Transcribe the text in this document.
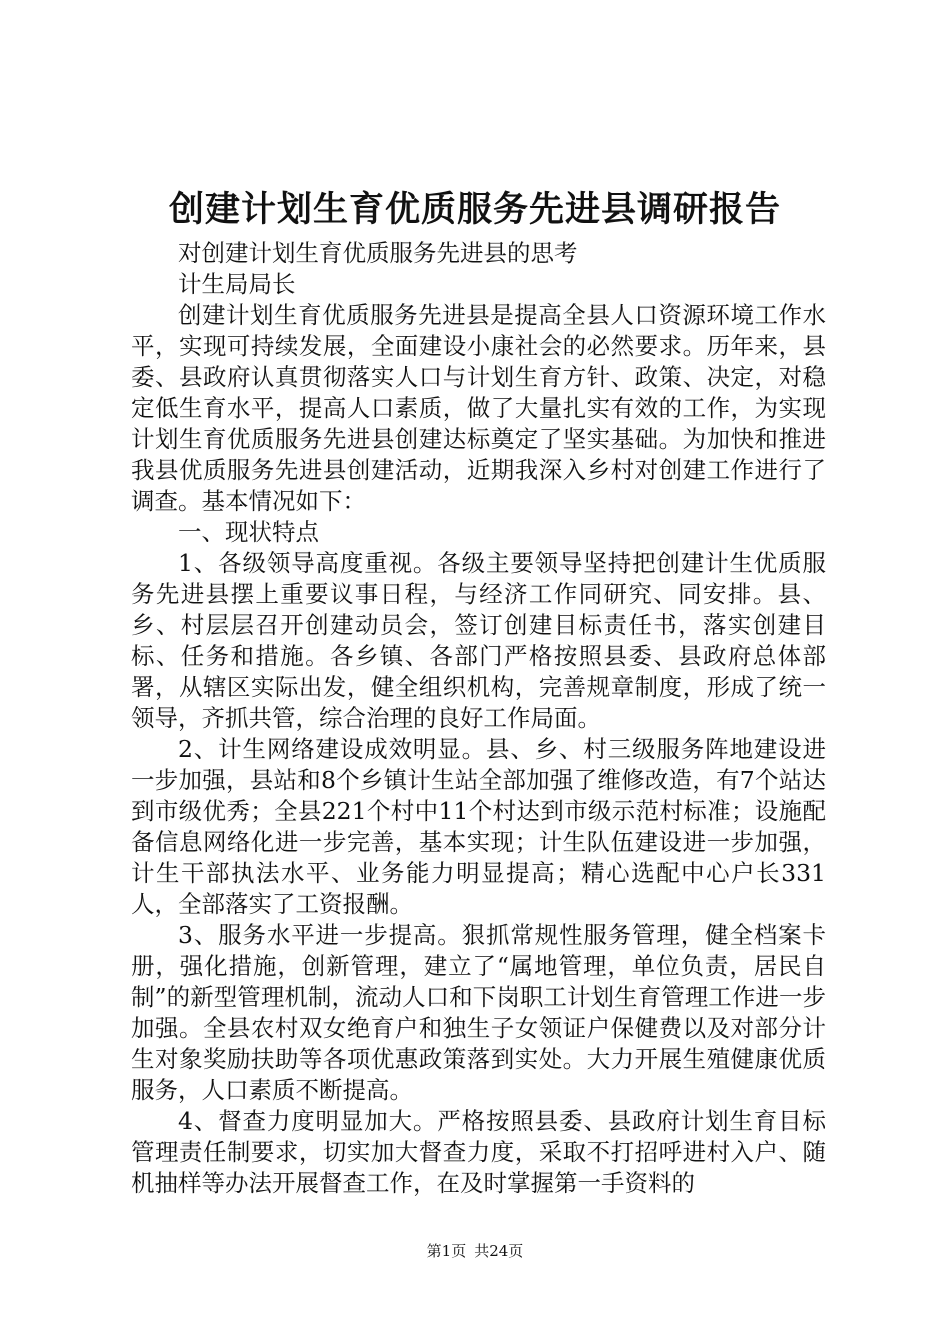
创建计划生育优质服务先进县调研报告

对创建计划生育优质服务先进县的思考

计生局局长

创建计划生育优质服务先进县是提高全县人口资源环境工作水平，实现可持续发展，全面建设小康社会的必然要求。历年来，县委、县政府认真贯彻落实人口与计划生育方针、政策、决定，对稳定低生育水平，提高人口素质，做了大量扎实有效的工作，为实现计划生育优质服务先进县创建达标奠定了坚实基础。为加快和推进我县优质服务先进县创建活动，近期我深入乡村对创建工作进行了调查。基本情况如下：

一、现状特点

1、各级领导高度重视。各级主要领导坚持把创建计生优质服务先进县摆上重要议事日程，与经济工作同研究、同安排。县、乡、村层层召开创建动员会，签订创建目标责任书，落实创建目标、任务和措施。各乡镇、各部门严格按照县委、县政府总体部署，从辖区实际出发，健全组织机构，完善规章制度，形成了统一领导，齐抓共管，综合治理的良好工作局面。

2、计生网络建设成效明显。县、乡、村三级服务阵地建设进一步加强，县站和8个乡镇计生站全部加强了维修改造，有7个站达到市级优秀；全县221个村中11个村达到市级示范村标准；设施配备信息网络化进一步完善，基本实现；计生队伍建设进一步加强，计生干部执法水平、业务能力明显提高；精心选配中心户长331人，全部落实了工资报酬。

3、服务水平进一步提高。狠抓常规性服务管理，健全档案卡册，强化措施，创新管理，建立了“属地管理，单位负责，居民自制”的新型管理机制，流动人口和下岗职工计划生育管理工作进一步加强。全县农村双女绝育户和独生子女领证户保健费以及对部分计生对象奖励扶助等各项优惠政策落到实处。大力开展生殖健康优质服务，人口素质不断提高。

4、督查力度明显加大。严格按照县委、县政府计划生育目标管理责任制要求，切实加大督查力度，采取不打招呼进村入户、随机抽样等办法开展督查工作，在及时掌握第一手资料的

第1页 共24页
